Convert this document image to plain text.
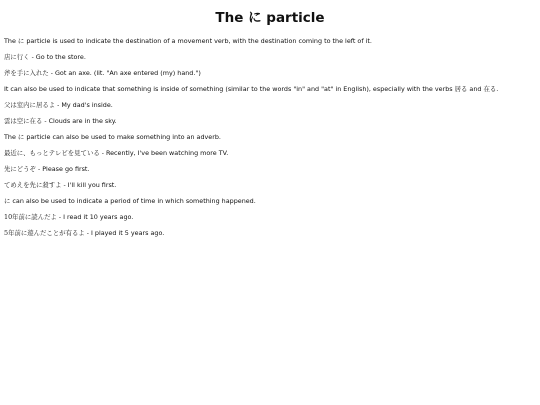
The に particle

The に particle is used to indicate the destination of a movement verb, with the destination coming to the left of it.

店に行く - Go to the store.

斧を手に入れた - Got an axe. (lit. "An axe entered (my) hand.")

It can also be used to indicate that something is inside of something (similar to the words "in" and "at" in English), especially with the verbs 居る and 在る.

父は室内に居るよ - My dad's inside.

雲は空に在る - Clouds are in the sky.

The に particle can also be used to make something into an adverb.

最近に、もっとテレビを見ている - Recently, I've been watching more TV.

先にどうぞ - Please go first.

てめえを先に殺すよ - I'll kill you first.

に can also be used to indicate a period of time in which something happened.

10年前に読んだよ - I read it 10 years ago.

5年前に遊んだことが有るよ - I played it 5 years ago.
